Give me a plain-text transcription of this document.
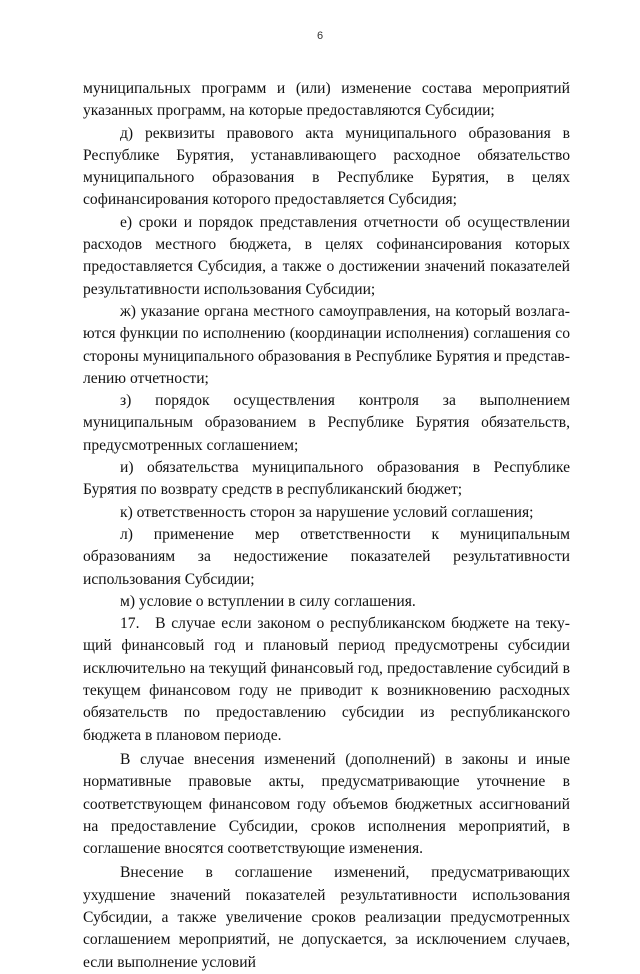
6

муниципальных программ и (или) изменение состава мероприятий указанных программ, на которые предоставляются Субсидии;

д) реквизиты правового акта муниципального образования в Республике Бурятия, устанавливающего расходное обязательство муниципального образования в Республике Бурятия, в целях софинансирования которого предоставляется Субсидия;

е) сроки и порядок представления отчетности об осуществлении расходов местного бюджета, в целях софинансирования которых предоставляется Субсидия, а также о достижении значений показателей результативности использования Субсидии;

ж) указание органа местного самоуправления, на который возлагаются функции по исполнению (координации исполнения) соглашения со стороны муниципального образования в Республике Бурятия и представлению отчетности;

з) порядок осуществления контроля за выполнением муниципальным образованием в Республике Бурятия обязательств, предусмотренных соглашением;

и) обязательства муниципального образования в Республике Бурятия по возврату средств в республиканский бюджет;

к) ответственность сторон за нарушение условий соглашения;

л) применение мер ответственности к муниципальным образованиям за недостижение показателей результативности использования Субсидии;

м) условие о вступлении в силу соглашения.

17. В случае если законом о республиканском бюджете на текущий финансовый год и плановый период предусмотрены субсидии исключительно на текущий финансовый год, предоставление субсидий в текущем финансовом году не приводит к возникновению расходных обязательств по предоставлению субсидии из республиканского бюджета в плановом периоде.

В случае внесения изменений (дополнений) в законы и иные нормативные правовые акты, предусматривающие уточнение в соответствующем финансовом году объемов бюджетных ассигнований на предоставление Субсидии, сроков исполнения мероприятий, в соглашение вносятся соответствующие изменения.

Внесение в соглашение изменений, предусматривающих ухудшение значений показателей результативности использования Субсидии, а также увеличение сроков реализации предусмотренных соглашением мероприятий, не допускается, за исключением случаев, если выполнение условий
